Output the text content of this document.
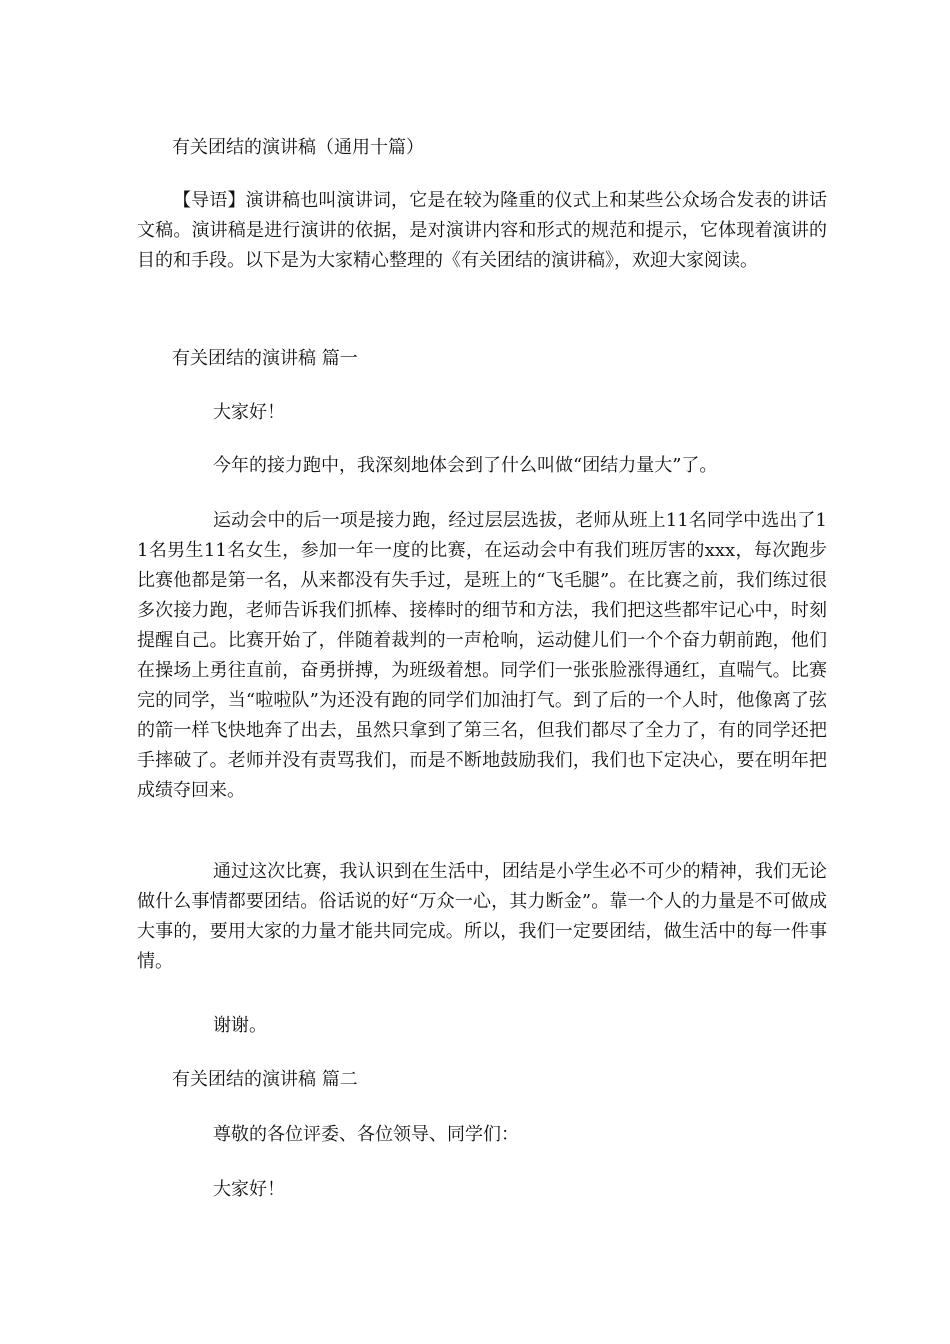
有关团结的演讲稿（通用十篇）

【导语】演讲稿也叫演讲词，它是在较为隆重的仪式上和某些公众场合发表的讲话文稿。演讲稿是进行演讲的依据，是对演讲内容和形式的规范和提示，它体现着演讲的目的和手段。以下是为大家精心整理的《有关团结的演讲稿》，欢迎大家阅读。

有关团结的演讲稿 篇一

大家好！

今年的接力跑中，我深刻地体会到了什么叫做“团结力量大”了。

运动会中的后一项是接力跑，经过层层选拔，老师从班上11名同学中选出了11名男生11名女生，参加一年一度的比赛，在运动会中有我们班厉害的xxx，每次跑步比赛他都是第一名，从来都没有失手过，是班上的“飞毛腿”。在比赛之前，我们练过很多次接力跑，老师告诉我们抓棒、接棒时的细节和方法，我们把这些都牢记心中，时刻提醒自己。比赛开始了，伴随着裁判的一声枪响，运动健儿们一个个奋力朝前跑，他们在操场上勇往直前，奋勇拼搏，为班级着想。同学们一张张脸涨得通红，直喘气。比赛完的同学，当“啦啦队”为还没有跑的同学们加油打气。到了后的一个人时，他像离了弦的箭一样飞快地奔了出去，虽然只拿到了第三名，但我们都尽了全力了，有的同学还把手摔破了。老师并没有责骂我们，而是不断地鼓励我们，我们也下定决心，要在明年把成绩夺回来。

通过这次比赛，我认识到在生活中，团结是小学生必不可少的精神，我们无论做什么事情都要团结。俗话说的好“万众一心，其力断金”。靠一个人的力量是不可做成大事的，要用大家的力量才能共同完成。所以，我们一定要团结，做生活中的每一件事情。

谢谢。

有关团结的演讲稿 篇二

尊敬的各位评委、各位领导、同学们：

大家好！
